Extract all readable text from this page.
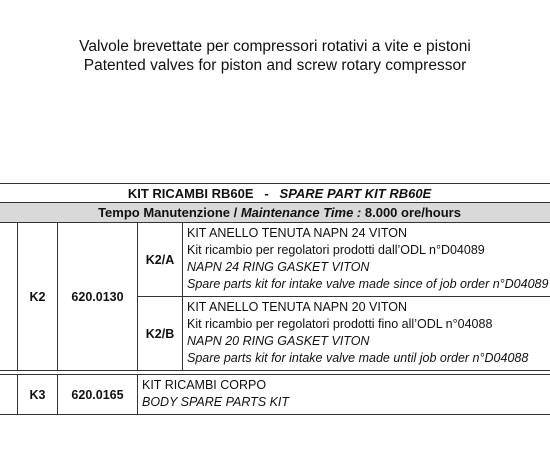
Valvole brevettate per compressori rotativi a vite e pistoni
Patented valves for piston and screw rotary compressor
KIT RICAMBI RB60E - SPARE PART KIT RB60E				
Tempo Manutenzione / Maintenance Time : 8.000 ore/hours				
	K2	620.0130	K2/A	KIT ANELLO TENUTA NAPN 24 VITON
Kit ricambio per regolatori prodotti dall’ODL n°D04089
NAPN 24 RING GASKET VITON
Spare parts kit for intake valve made since of job order n°D04089

			K2/B	KIT ANELLO TENUTA NAPN 20 VITON
Kit ricambio per regolatori prodotti fino all’ODL n°04088
NAPN 20 RING GASKET VITON
Spare parts kit for intake valve made until job order n°D04088

	K3	620.0165	KIT RICAMBI CORPO
BODY SPARE PARTS KIT	
